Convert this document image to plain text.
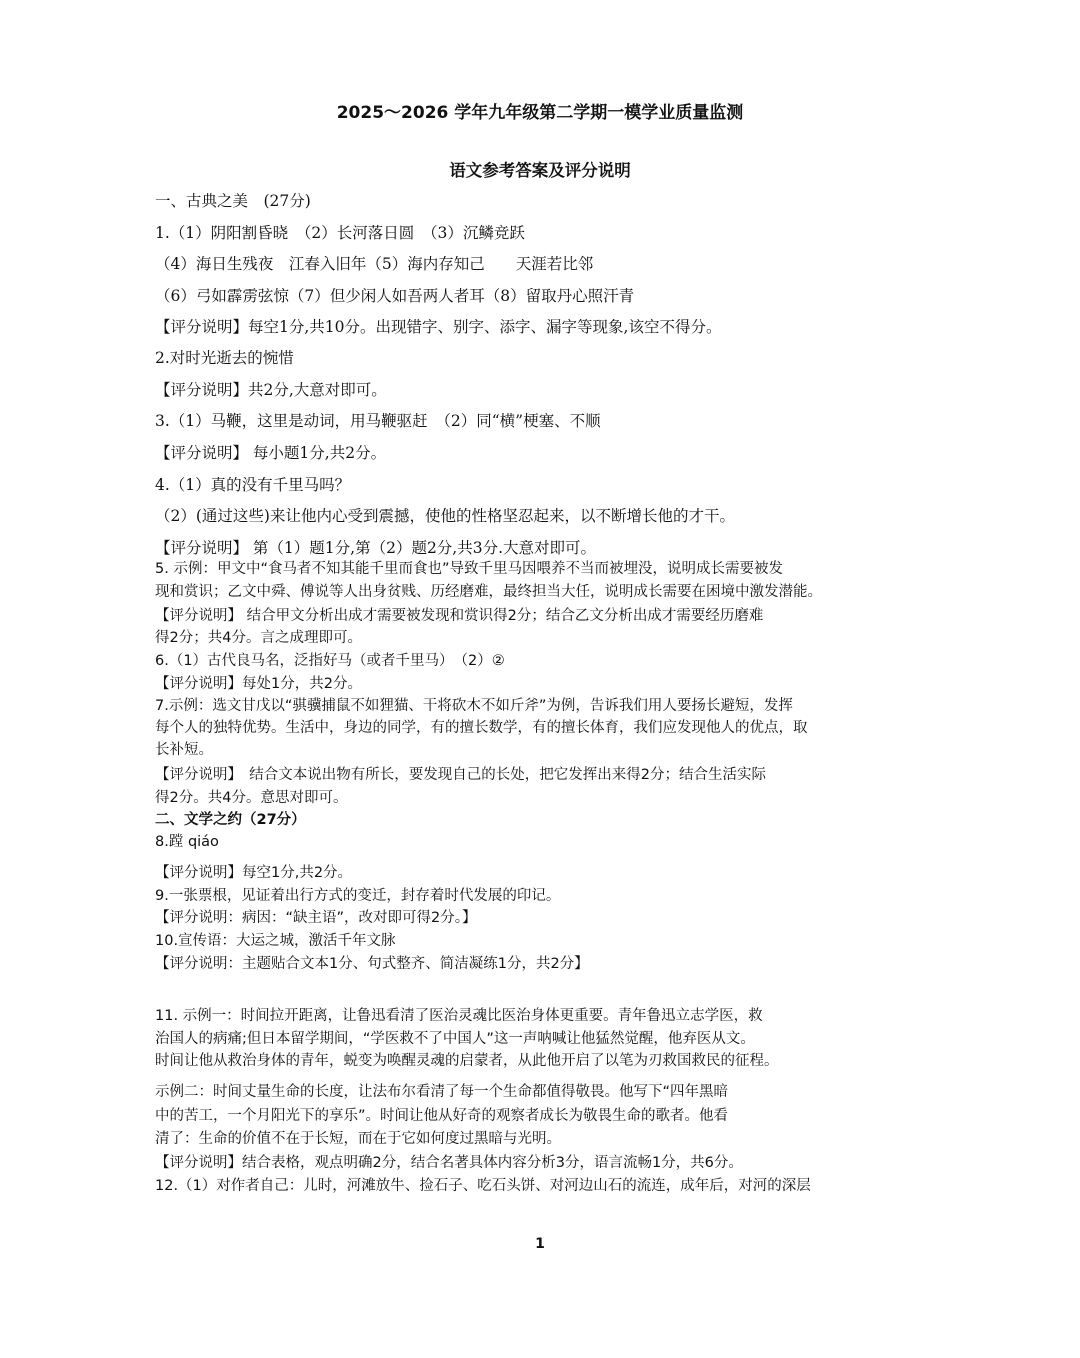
2025～2026 学年九年级第二学期一模学业质量监测
语文参考答案及评分说明
一、古典之美　(27分)
1.（1）阴阳割昏晓　（2）长河落日圆　（3）沉鳞竞跃
（4）海日生残夜　江春入旧年（5）海内存知己　　天涯若比邻
（6）弓如霹雳弦惊（7）但少闲人如吾两人者耳（8）留取丹心照汗青
【评分说明】每空1分,共10分。出现错字、别字、添字、漏字等现象,该空不得分。
2.对时光逝去的惋惜
【评分说明】共2分,大意对即可。
3.（1）马鞭，这里是动词，用马鞭驱赶　（2）同“横”梗塞、不顺
【评分说明】 每小题1分,共2分。
4.（1）真的没有千里马吗？
（2）(通过这些)来让他内心受到震撼，使他的性格坚忍起来，以不断增长他的才干。
【评分说明】 第（1）题1分,第（2）题2分,共3分.大意对即可。
5. 示例：甲文中“食马者不知其能千里而食也”导致千里马因喂养不当而被埋没，说明成长需要被发
现和赏识；乙文中舜、傅说等人出身贫贱、历经磨难，最终担当大任，说明成长需要在困境中激发潜能。
【评分说明】 结合甲文分析出成才需要被发现和赏识得2分；结合乙文分析出成才需要经历磨难
得2分；共4分。言之成理即可。
6.（1）古代良马名，泛指好马（或者千里马）　（2）②
【评分说明】每处1分，共2分。
7.示例：选文甘戊以“骐骥捕鼠不如狸猫、干将砍木不如斤斧”为例，告诉我们用人要扬长避短，发挥
每个人的独特优势。生活中，身边的同学，有的擅长数学，有的擅长体育，我们应发现他人的优点，取
长补短。
【评分说明】　结合文本说出物有所长，要发现自己的长处，把它发挥出来得2分；结合生活实际
得2分。共4分。意思对即可。
二、文学之约（27分）
8.蹚 qiáo
【评分说明】每空1分,共2分。
9.一张票根，见证着出行方式的变迁，封存着时代发展的印记。
【评分说明：病因：“缺主语”，改对即可得2分。】
10.宣传语：大运之城，激活千年文脉
【评分说明：主题贴合文本1分、句式整齐、简洁凝练1分，共2分】
11. 示例一：时间拉开距离，让鲁迅看清了医治灵魂比医治身体更重要。青年鲁迅立志学医，救
治国人的病痛;但日本留学期间，“学医救不了中国人”这一声呐喊让他猛然觉醒，他弃医从文。
时间让他从救治身体的青年，蜕变为唤醒灵魂的启蒙者，从此他开启了以笔为刃救国救民的征程。
示例二：时间丈量生命的长度，让法布尔看清了每一个生命都值得敬畏。他写下“四年黑暗
中的苦工，一个月阳光下的享乐”。时间让他从好奇的观察者成长为敬畏生命的歌者。他看
清了：生命的价值不在于长短，而在于它如何度过黑暗与光明。
【评分说明】结合表格，观点明确2分，结合名著具体内容分析3分，语言流畅1分，共6分。
12.（1）对作者自己：儿时，河滩放牛、捡石子、吃石头饼、对河边山石的流连，成年后，对河的深层
1
